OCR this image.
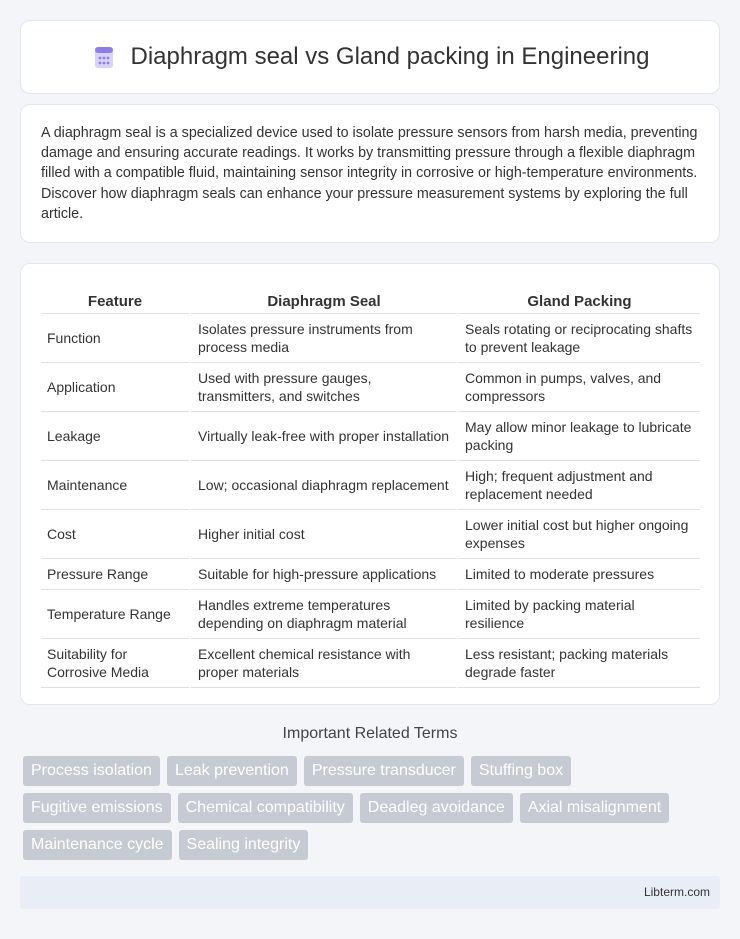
Diaphragm seal vs Gland packing in Engineering

A diaphragm seal is a specialized device used to isolate pressure sensors from harsh media, preventing damage and ensuring accurate readings. It works by transmitting pressure through a flexible diaphragm filled with a compatible fluid, maintaining sensor integrity in corrosive or high-temperature environments. Discover how diaphragm seals can enhance your pressure measurement systems by exploring the full article.

Feature	Diaphragm Seal	Gland Packing
Function	Isolates pressure instruments from process media	Seals rotating or reciprocating shafts to prevent leakage
Application	Used with pressure gauges, transmitters, and switches	Common in pumps, valves, and compressors
Leakage	Virtually leak-free with proper installation	May allow minor leakage to lubricate packing
Maintenance	Low; occasional diaphragm replacement	High; frequent adjustment and replacement needed
Cost	Higher initial cost	Lower initial cost but higher ongoing expenses
Pressure Range	Suitable for high-pressure applications	Limited to moderate pressures
Temperature Range	Handles extreme temperatures depending on diaphragm material	Limited by packing material resilience
Suitability for Corrosive Media	Excellent chemical resistance with proper materials	Less resistant; packing materials degrade faster
Important Related Terms
Process isolation	Leak prevention	Pressure transducer	Stuffing box
Fugitive emissions	Chemical compatibility	Deadleg avoidance	Axial misalignment
Maintenance cycle	Sealing integrity
Libterm.com
